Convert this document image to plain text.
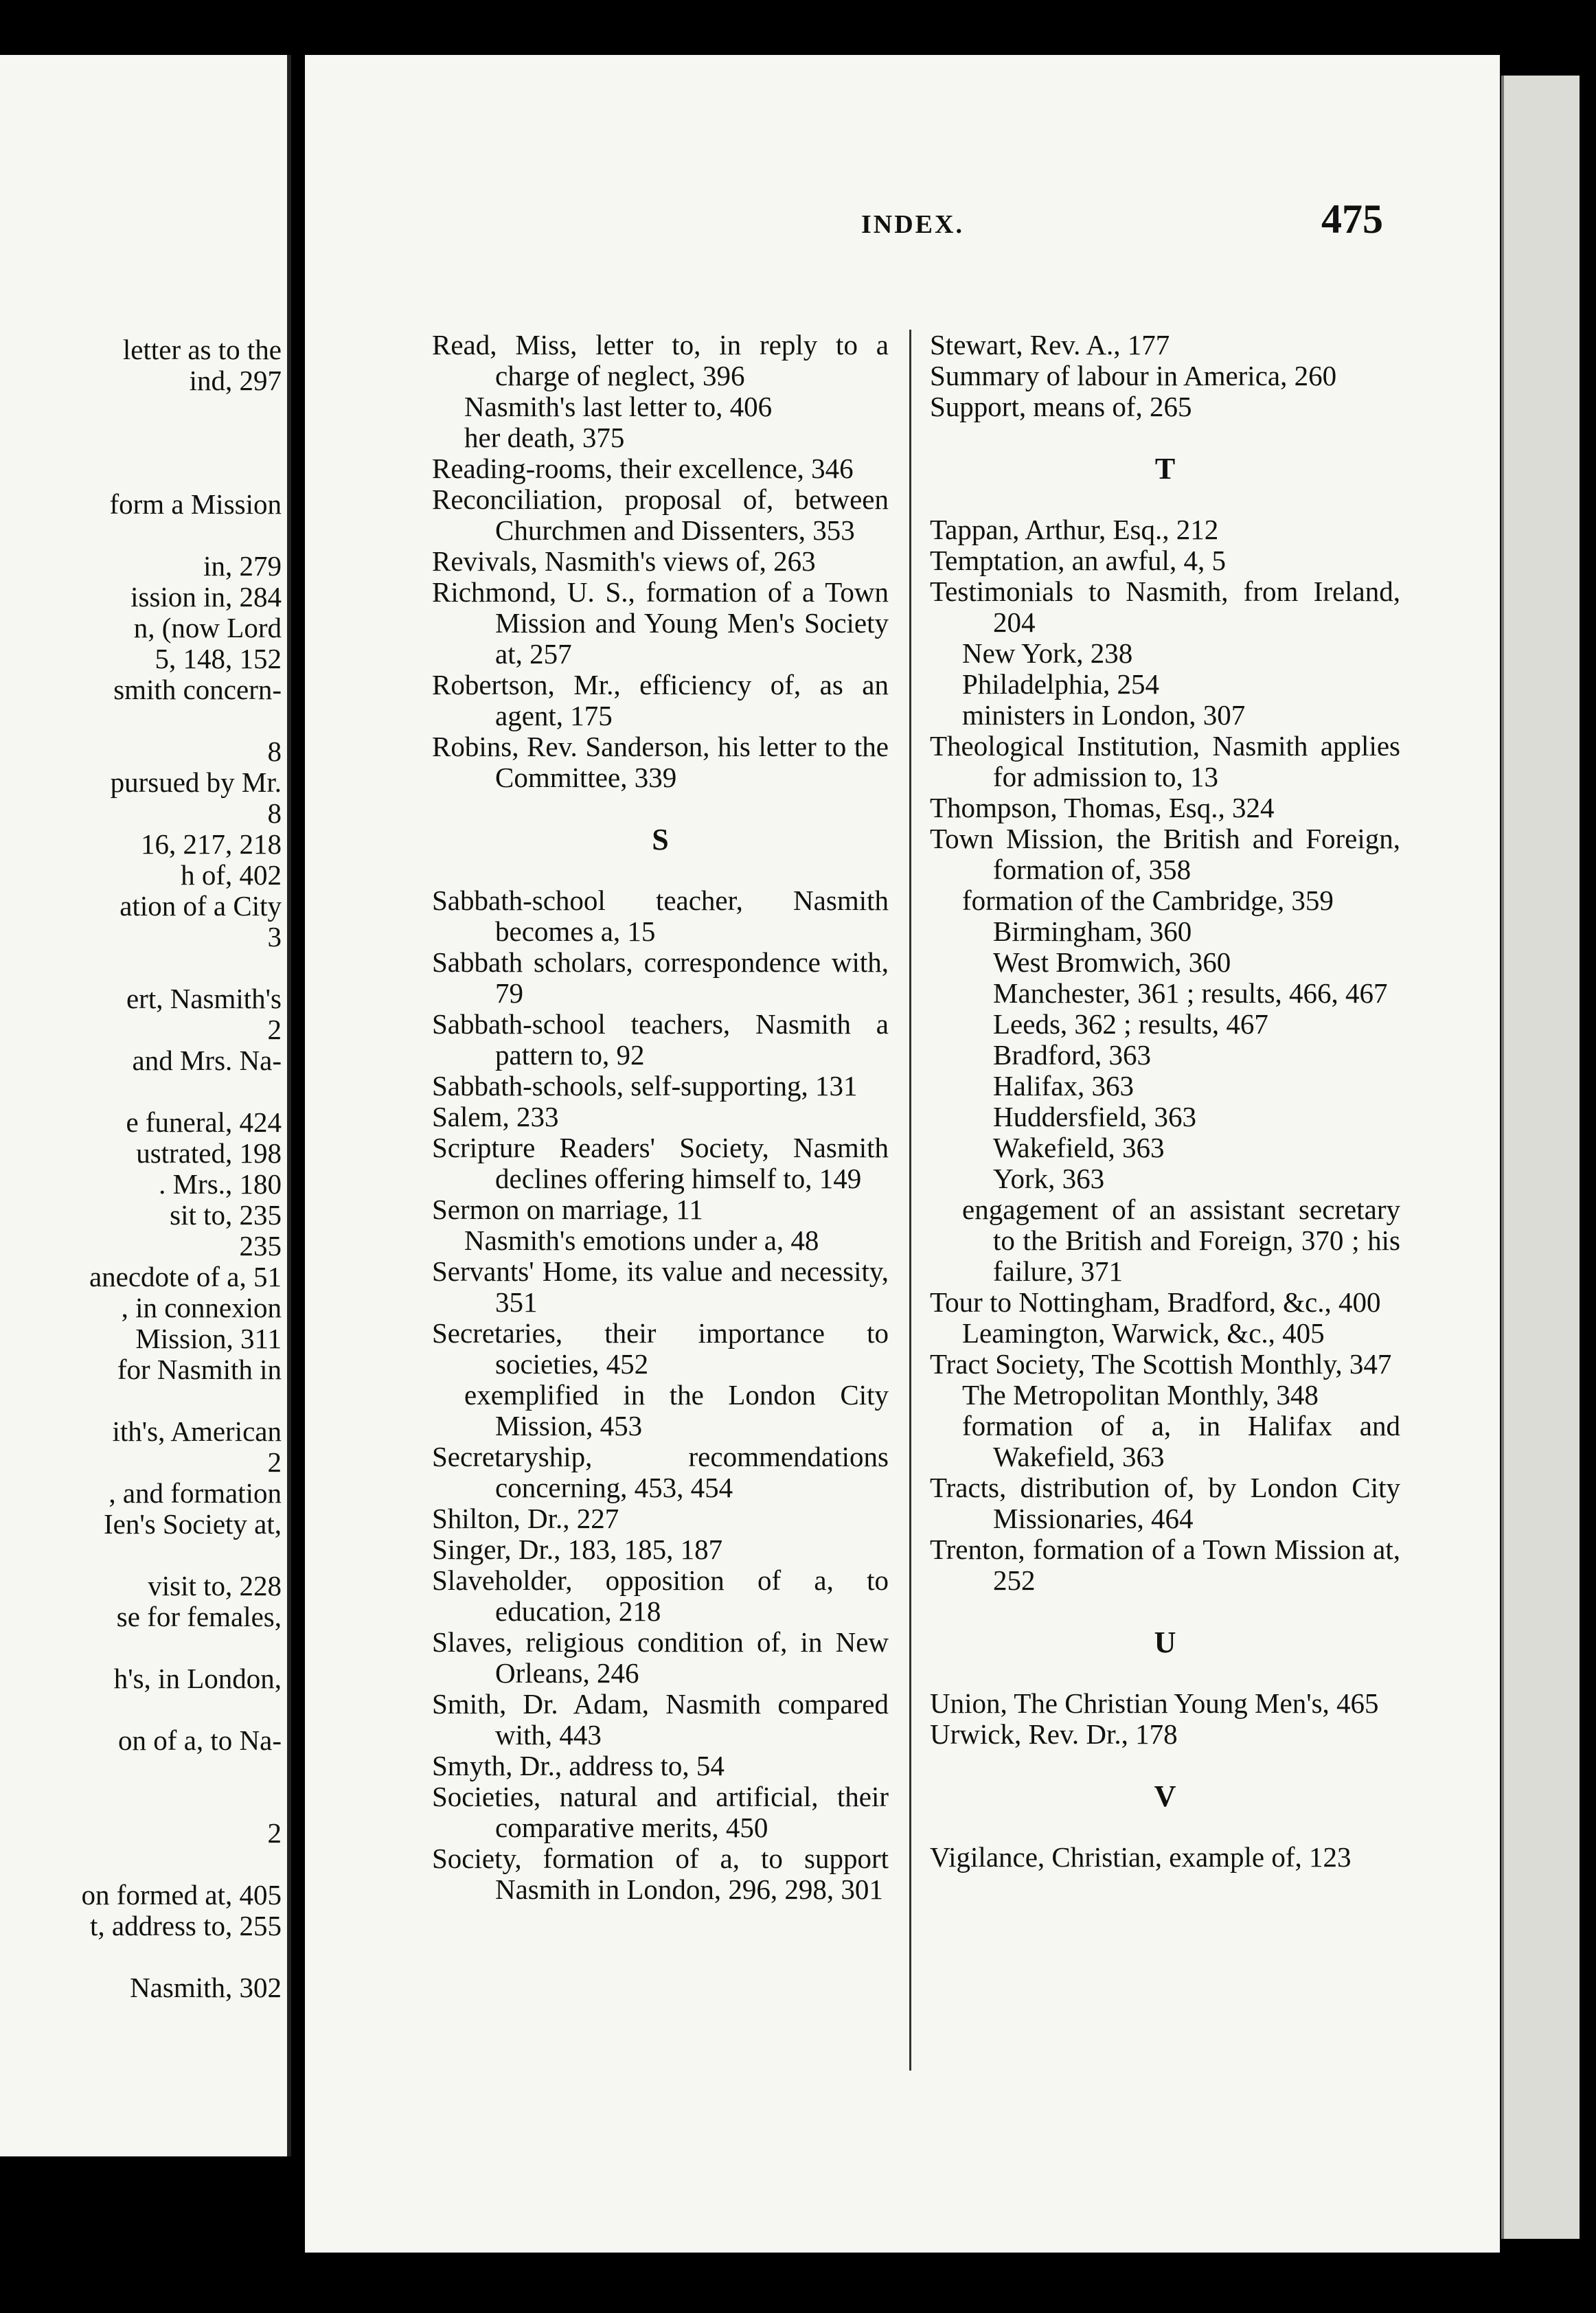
letter as to the
ind, 297

form a Mission

in, 279
ission in, 284
n, (now Lord
5, 148, 152
smith concern-

8
pursued by Mr.
8
16, 217, 218
h of, 402
ation of a City
3

ert, Nasmith's
2
and Mrs. Na-

e funeral, 424
ustrated, 198
. Mrs., 180
sit to, 235
235
anecdote of a, 51
, in connexion
Mission, 311
for Nasmith in

ith's, American
2
, and formation
Ien's Society at,

visit to, 228
se for females,

h's, in London,

on of a, to Na-

2

on formed at, 405
t, address to, 255

Nasmith, 302
INDEX.	475

Read, Miss, letter to, in reply to a charge of neglect, 396

Nasmith's last letter to, 406

her death, 375

Reading-rooms, their excellence, 346

Reconciliation, proposal of, between Churchmen and Dissenters, 353

Revivals, Nasmith's views of, 263

Richmond, U. S., formation of a Town Mission and Young Men's Society at, 257

Robertson, Mr., efficiency of, as an agent, 175

Robins, Rev. Sanderson, his letter to the Committee, 339

S

Sabbath-school teacher, Nasmith becomes a, 15

Sabbath scholars, correspondence with, 79

Sabbath-school teachers, Nasmith a pattern to, 92

Sabbath-schools, self-supporting, 131

Salem, 233

Scripture Readers' Society, Nasmith declines offering himself to, 149

Sermon on marriage, 11

Nasmith's emotions under a, 48

Servants' Home, its value and necessity, 351

Secretaries, their importance to societies, 452

exemplified in the London City Mission, 453

Secretaryship, recommendations concerning, 453, 454

Shilton, Dr., 227

Singer, Dr., 183, 185, 187

Slaveholder, opposition of a, to education, 218

Slaves, religious condition of, in New Orleans, 246

Smith, Dr. Adam, Nasmith compared with, 443

Smyth, Dr., address to, 54

Societies, natural and artificial, their comparative merits, 450

Society, formation of a, to support Nasmith in London, 296, 298, 301

Stewart, Rev. A., 177

Summary of labour in America, 260

Support, means of, 265

T

Tappan, Arthur, Esq., 212

Temptation, an awful, 4, 5

Testimonials to Nasmith, from Ireland, 204

New York, 238

Philadelphia, 254

ministers in London, 307

Theological Institution, Nasmith applies for admission to, 13

Thompson, Thomas, Esq., 324

Town Mission, the British and Foreign, formation of, 358

formation of the Cambridge, 359

Birmingham, 360

West Bromwich, 360

Manchester, 361 ; results, 466, 467

Leeds, 362 ; results, 467

Bradford, 363

Halifax, 363

Huddersfield, 363

Wakefield, 363

York, 363

engagement of an assistant secretary to the British and Foreign, 370 ; his failure, 371

Tour to Nottingham, Bradford, &c., 400

Leamington, Warwick, &c., 405

Tract Society, The Scottish Monthly, 347

The Metropolitan Monthly, 348

formation of a, in Halifax and Wakefield, 363

Tracts, distribution of, by London City Missionaries, 464

Trenton, formation of a Town Mission at, 252

U

Union, The Christian Young Men's, 465

Urwick, Rev. Dr., 178

V

Vigilance, Christian, example of, 123
